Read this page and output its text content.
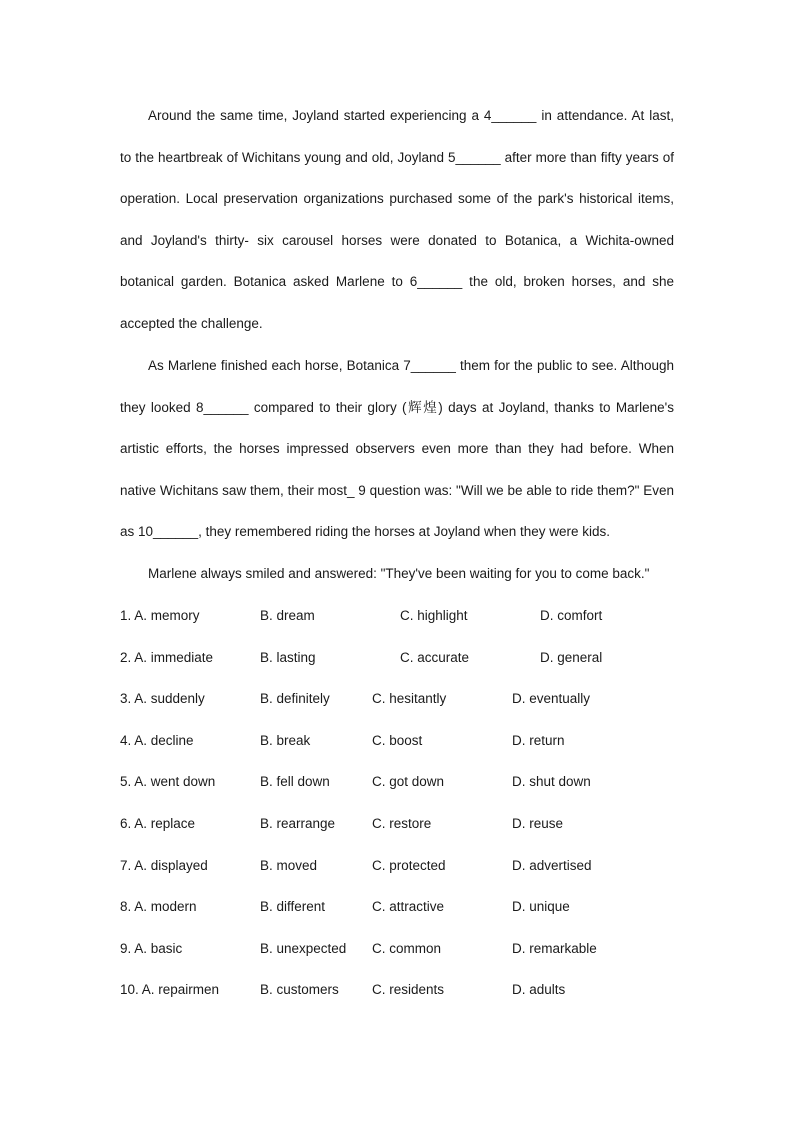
Around the same time, Joyland started experiencing a 4______ in attendance. At last, to the heartbreak of Wichitans young and old, Joyland 5______ after more than fifty years of operation. Local preservation organizations purchased some of the park's historical items, and Joyland's thirty- six carousel horses were donated to Botanica, a Wichita-owned botanical garden. Botanica asked Marlene to 6______ the old, broken horses, and she accepted the challenge.

As Marlene finished each horse, Botanica 7______ them for the public to see. Although they looked 8______ compared to their glory (辉煌) days at Joyland, thanks to Marlene's artistic efforts, the horses impressed observers even more than they had before. When native Wichitans saw them, their most_ 9 question was: "Will we be able to ride them?" Even as 10______, they remembered riding the horses at Joyland when they were kids.

Marlene always smiled and answered: "They've been waiting for you to come back."

1. A. memory	B. dream	C. highlight	D. comfort
2. A. immediate	B. lasting	C. accurate	D. general
3. A. suddenly	B. definitely	C. hesitantly	D. eventually
4. A. decline	B. break	C. boost	D. return
5. A. went down	B. fell down	C. got down	D. shut down
6. A. replace	B. rearrange	C. restore	D. reuse
7. A. displayed	B. moved	C. protected	D. advertised
8. A. modern	B. different	C. attractive	D. unique
9. A. basic	B. unexpected C. common	D. remarkable
10. A. repairmen	B. customers C. residents	D. adults
